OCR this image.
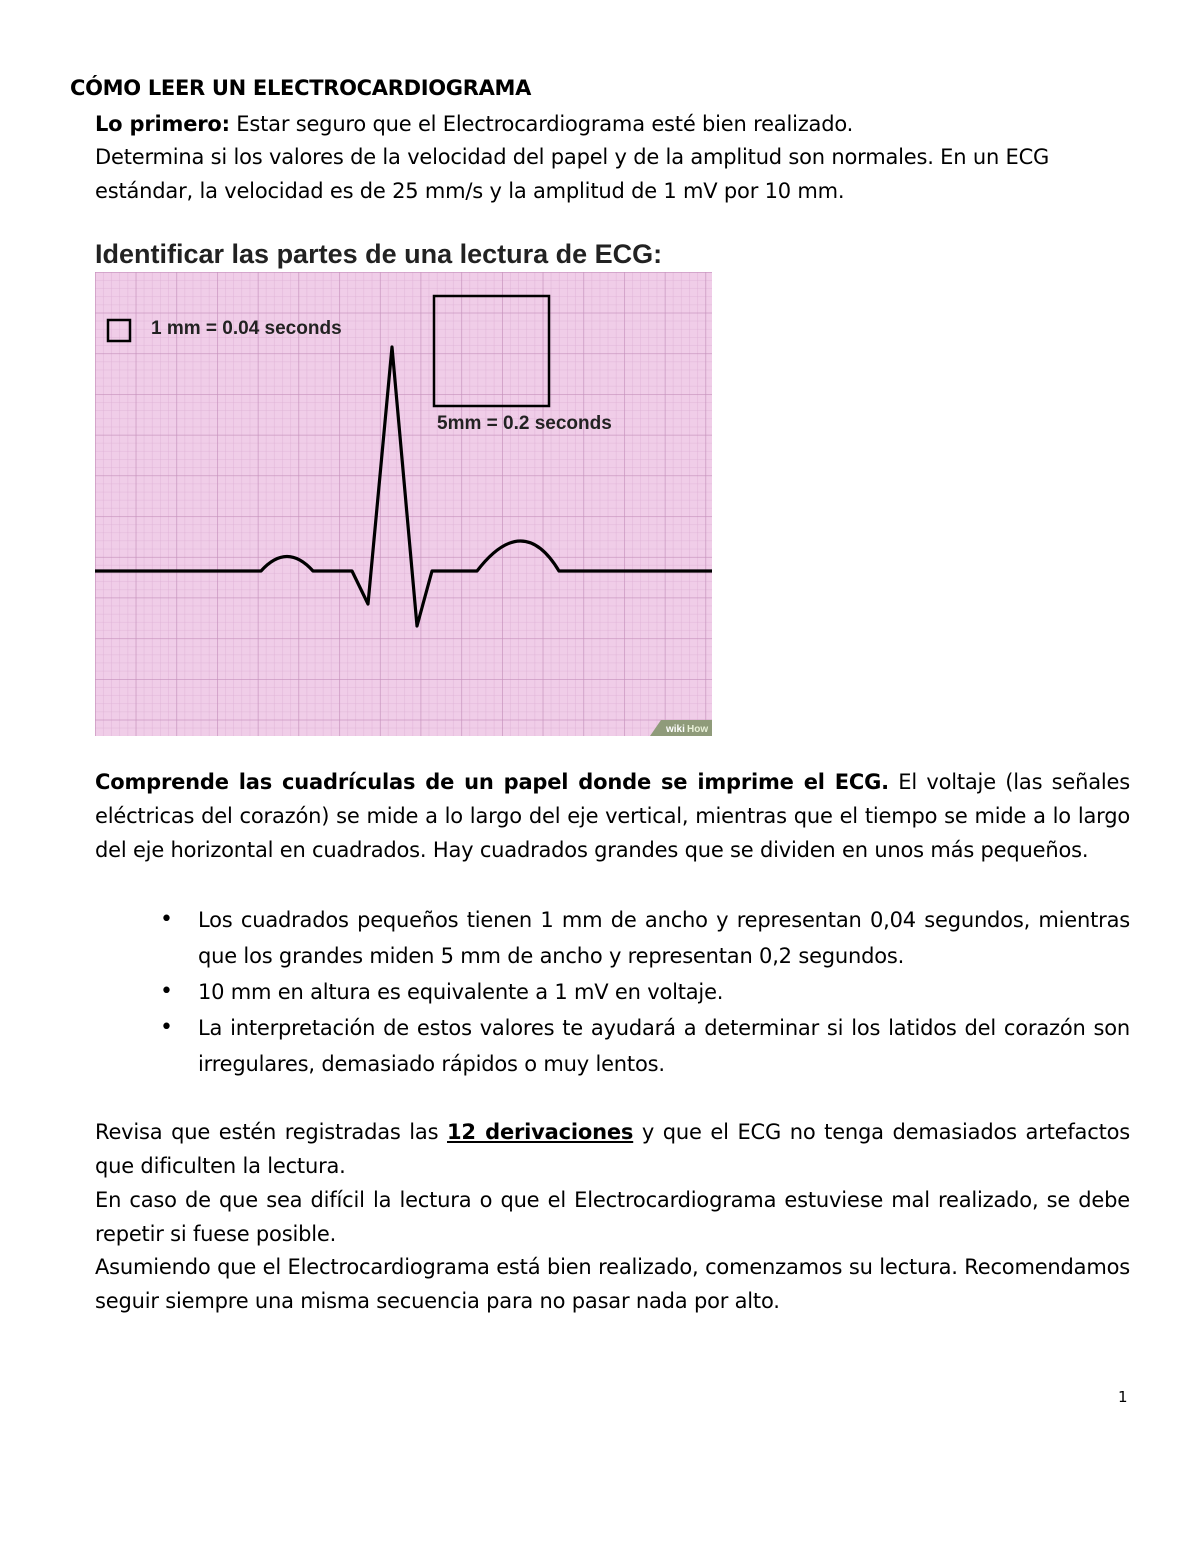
CÓMO LEER UN ELECTROCARDIOGRAMA
Lo primero: Estar seguro que el Electrocardiograma esté bien realizado.
Determina si los valores de la velocidad del papel y de la amplitud son normales. En un ECG estándar, la velocidad es de 25 mm/s y la amplitud de 1 mV por 10 mm.
Identificar las partes de una lectura de ECG:
1 mm = 0.04 seconds
5mm = 0.2 seconds
wiki How
Comprende las cuadrículas de un papel donde se imprime el ECG. El voltaje (las señales eléctricas del corazón) se mide a lo largo del eje vertical, mientras que el tiempo se mide a lo largo del eje horizontal en cuadrados. Hay cuadrados grandes que se dividen en unos más pequeños.
• Los cuadrados pequeños tienen 1 mm de ancho y representan 0,04 segundos, mientras que los grandes miden 5 mm de ancho y representan 0,2 segundos.
• 10 mm en altura es equivalente a 1 mV en voltaje.
• La interpretación de estos valores te ayudará a determinar si los latidos del corazón son irregulares, demasiado rápidos o muy lentos.
Revisa que estén registradas las 12 derivaciones y que el ECG no tenga demasiados artefactos que dificulten la lectura.
En caso de que sea difícil la lectura o que el Electrocardiograma estuviese mal realizado, se debe repetir si fuese posible.
Asumiendo que el Electrocardiograma está bien realizado, comenzamos su lectura. Recomendamos seguir siempre una misma secuencia para no pasar nada por alto.
1
